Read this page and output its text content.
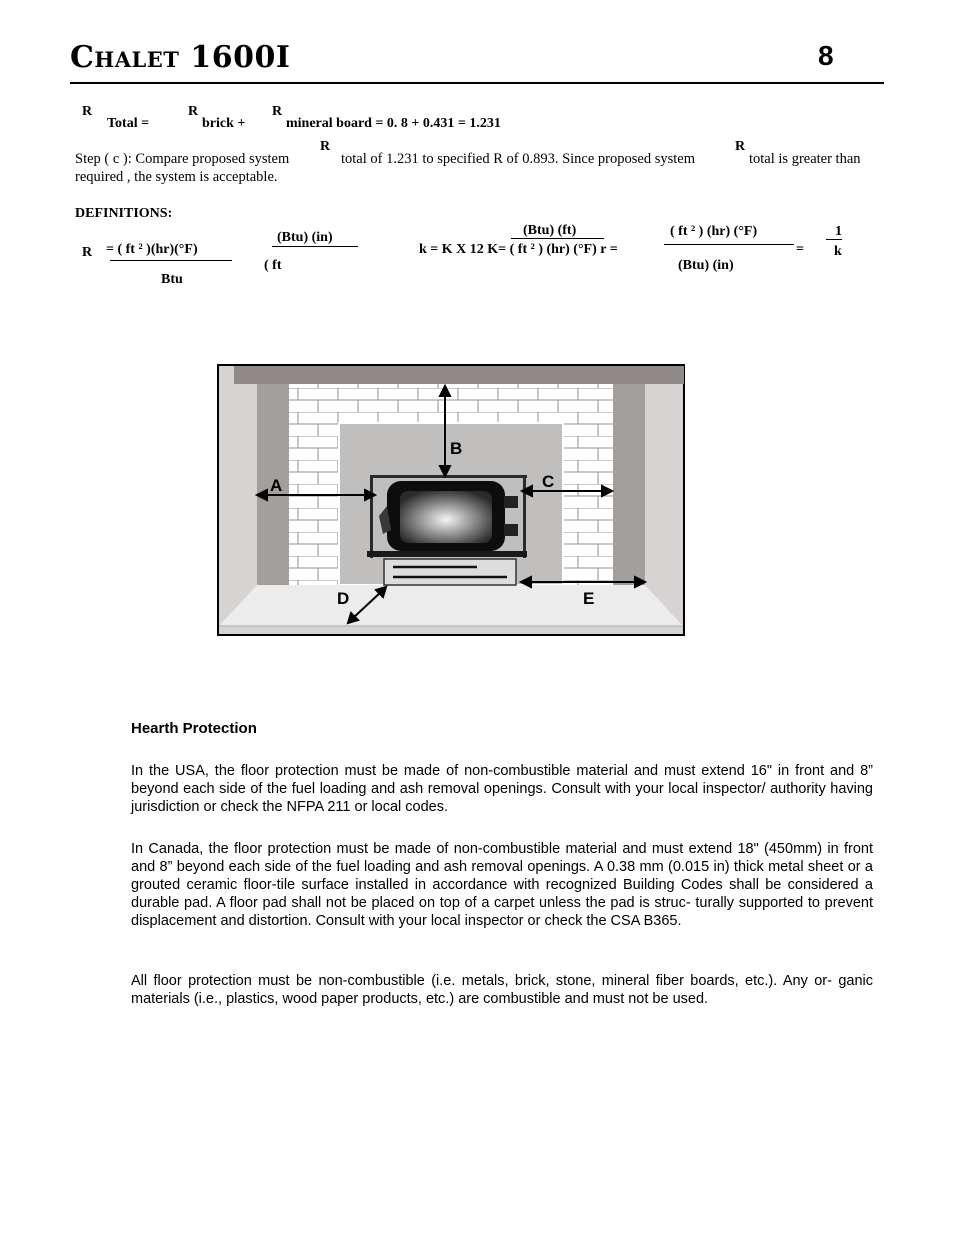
Chalet 1600I	8
R
Total =
R
brick +
R
mineral board = 0. 8 + 0.431 = 1.231
Step ( c ): Compare proposed system
R
total of 1.231 to specified R of 0.893. Since proposed system
R
total is greater than
required , the system is acceptable.
DEFINITIONS:
R = ( ft ² )(hr)(°F)
Btu
(Btu) (in)
( ft
(Btu) (ft)
k = K X 12 K= ( ft ² ) (hr) (°F) r =
( ft ² ) (hr) (°F)
(Btu) (in)
=
1
k
A
B
C
D	E
Hearth Protection
In the USA, the floor protection must be made of non-combustible material and must extend 16" in front and 8” beyond each side of the fuel loading and ash removal openings. Consult with your local inspector/ authority having jurisdiction or check the NFPA 211 or local codes.
In Canada, the floor protection must be made of non-combustible material and must extend 18" (450mm) in front and 8” beyond each side of the fuel loading and ash removal openings. A 0.38 mm (0.015 in) thick metal sheet or a grouted ceramic floor-tile surface installed in accordance with recognized Building Codes shall be considered a durable pad. A floor pad shall not be placed on top of a carpet unless the pad is struc- turally supported to prevent displacement and distortion. Consult with your local inspector or check the CSA B365.
All floor protection must be non-combustible (i.e. metals, brick, stone, mineral fiber boards, etc.). Any or- ganic materials (i.e., plastics, wood paper products, etc.) are combustible and must not be used.
